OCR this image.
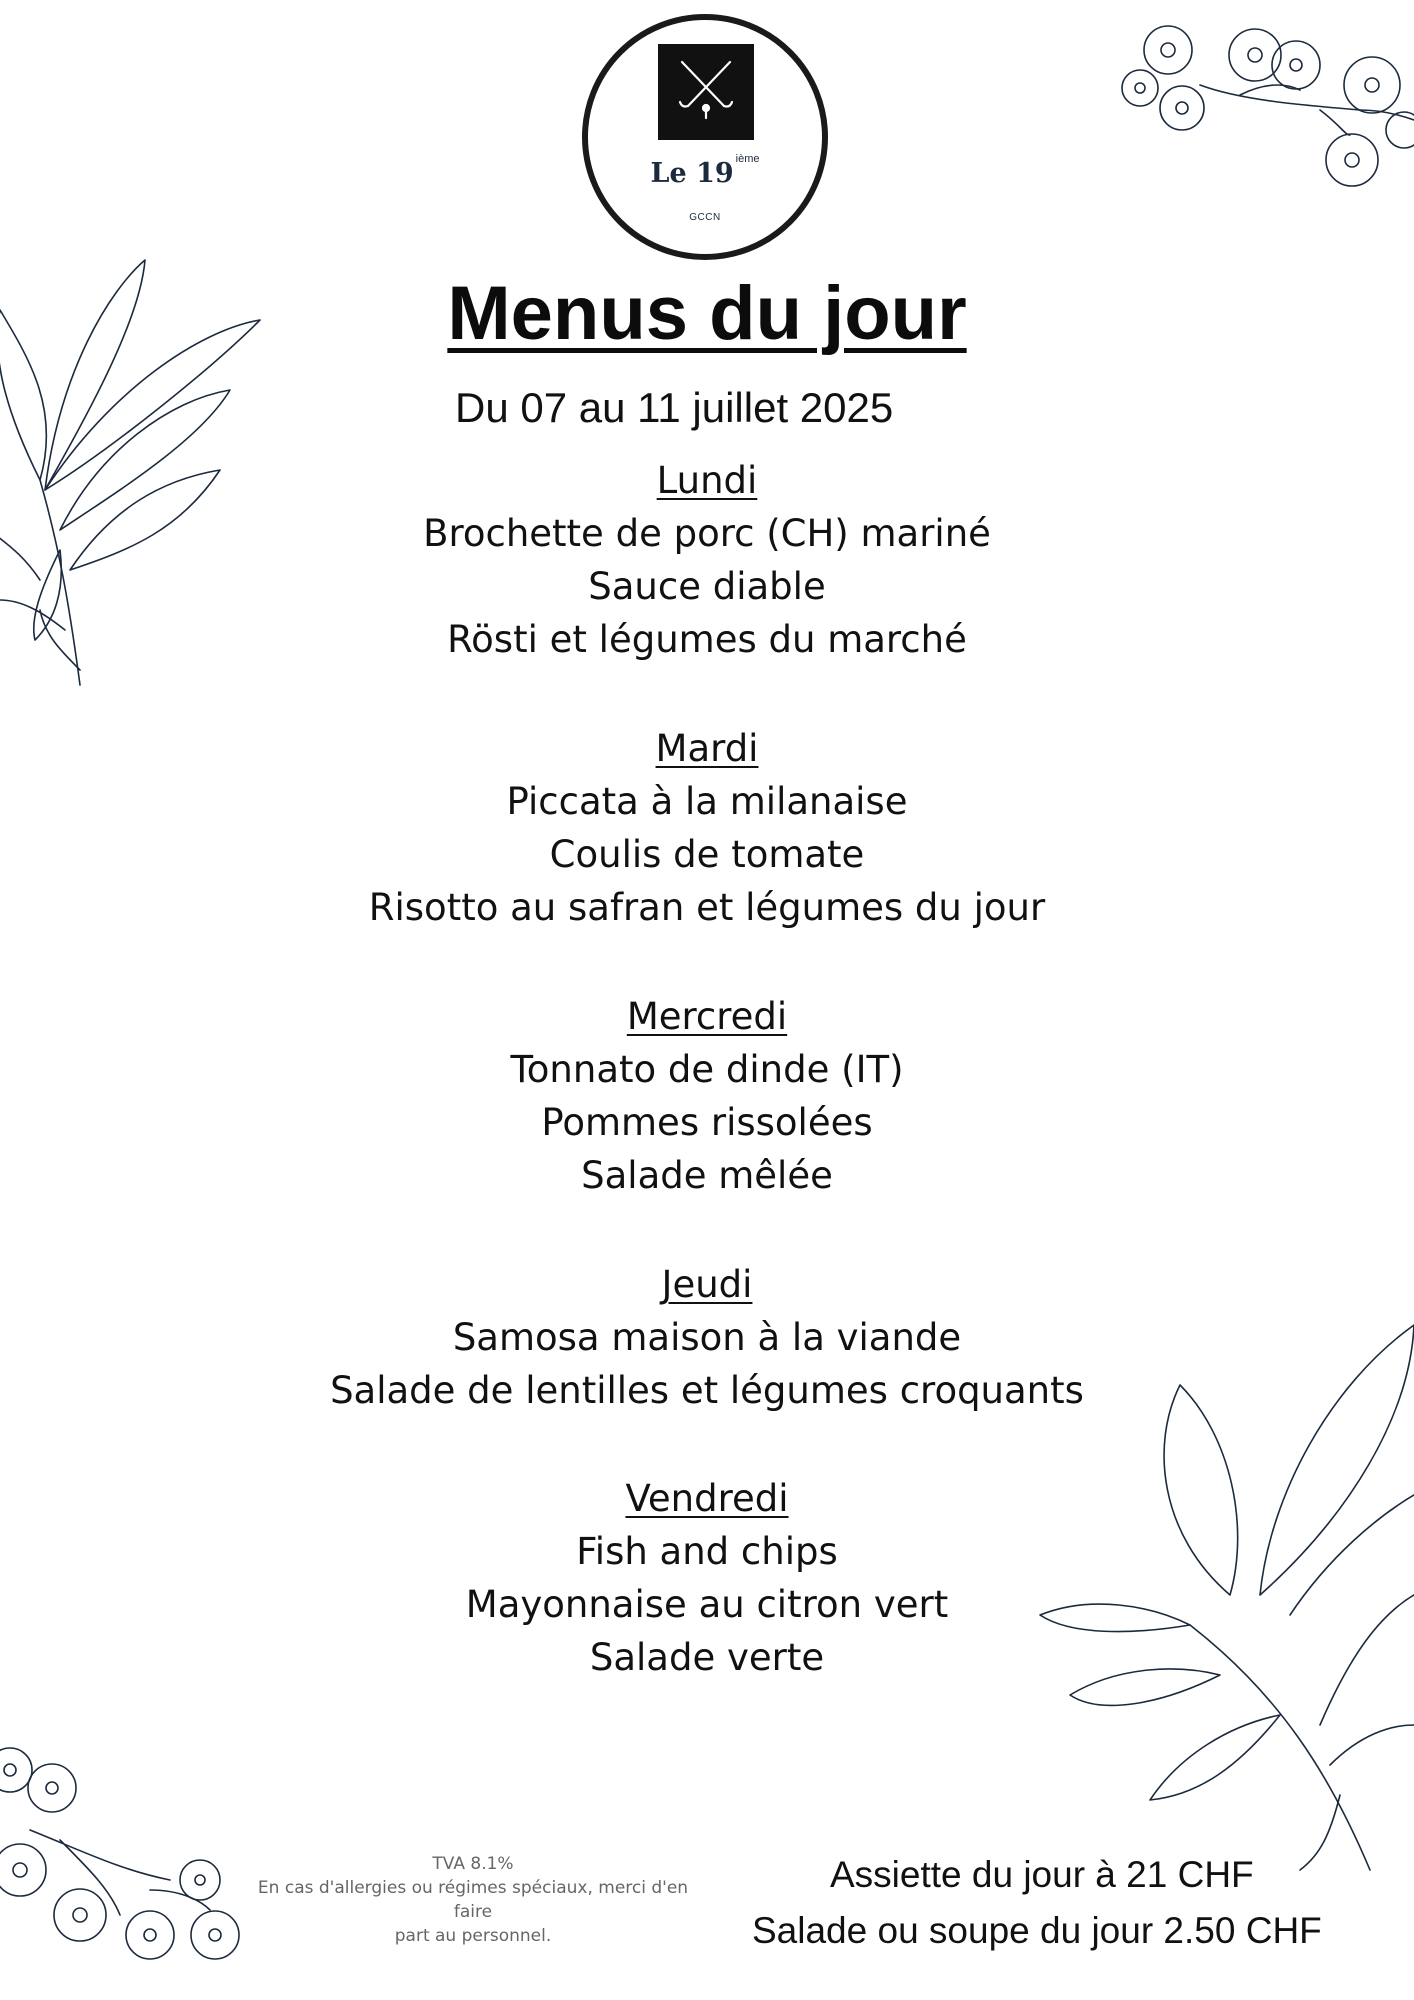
Le 19 $^{ième}$
GCCN
Menus du jour
Du 07 au 11 juillet 2025
Lundi
Brochette de porc (CH) mariné
Sauce diable
Rösti et légumes du marché
Mardi
Piccata à la milanaise
Coulis de tomate
Risotto au safran et légumes du jour
Mercredi
Tonnato de dinde (IT)
Pommes rissolées
Salade mêlée
Jeudi
Samosa maison à la viande
Salade de lentilles et légumes croquants
Vendredi
Fish and chips
Mayonnaise au citron vert
Salade verte
TVA 8.1%
En cas d'allergies ou régimes spéciaux, merci d'en faire
part au personnel.
Assiette du jour à 21 CHF
Salade ou soupe du jour 2.50 CHF
